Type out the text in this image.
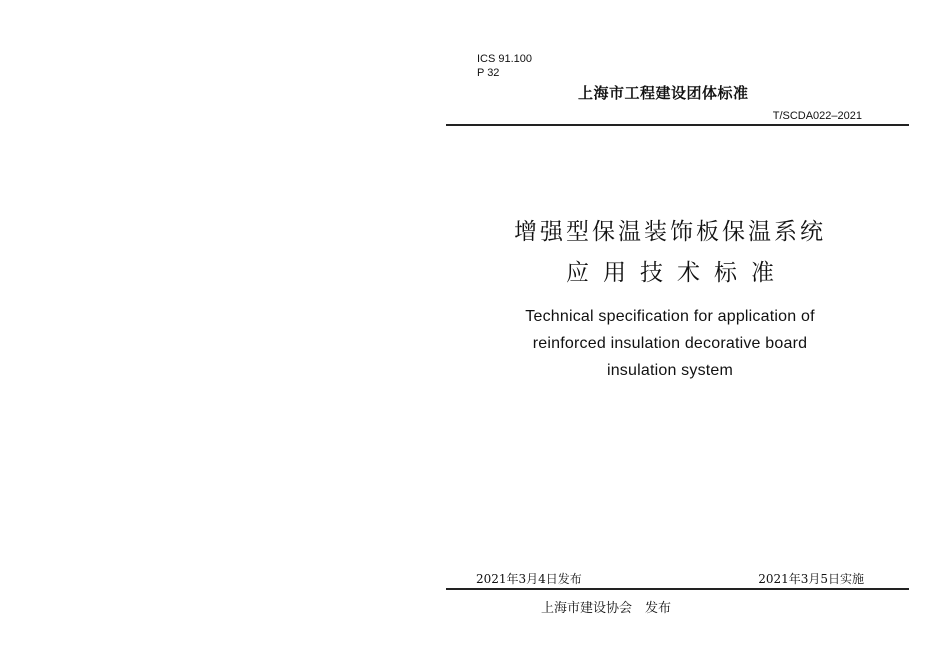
ICS 91.100
P 32
上海市工程建设团体标准
T/SCDA022–2021
增强型保温装饰板保温系统
应用技术标准
Technical specification for application of
reinforced insulation decorative board
insulation system
2021年3月4日发布	2021年3月5日实施
上海市建设协会　发布
